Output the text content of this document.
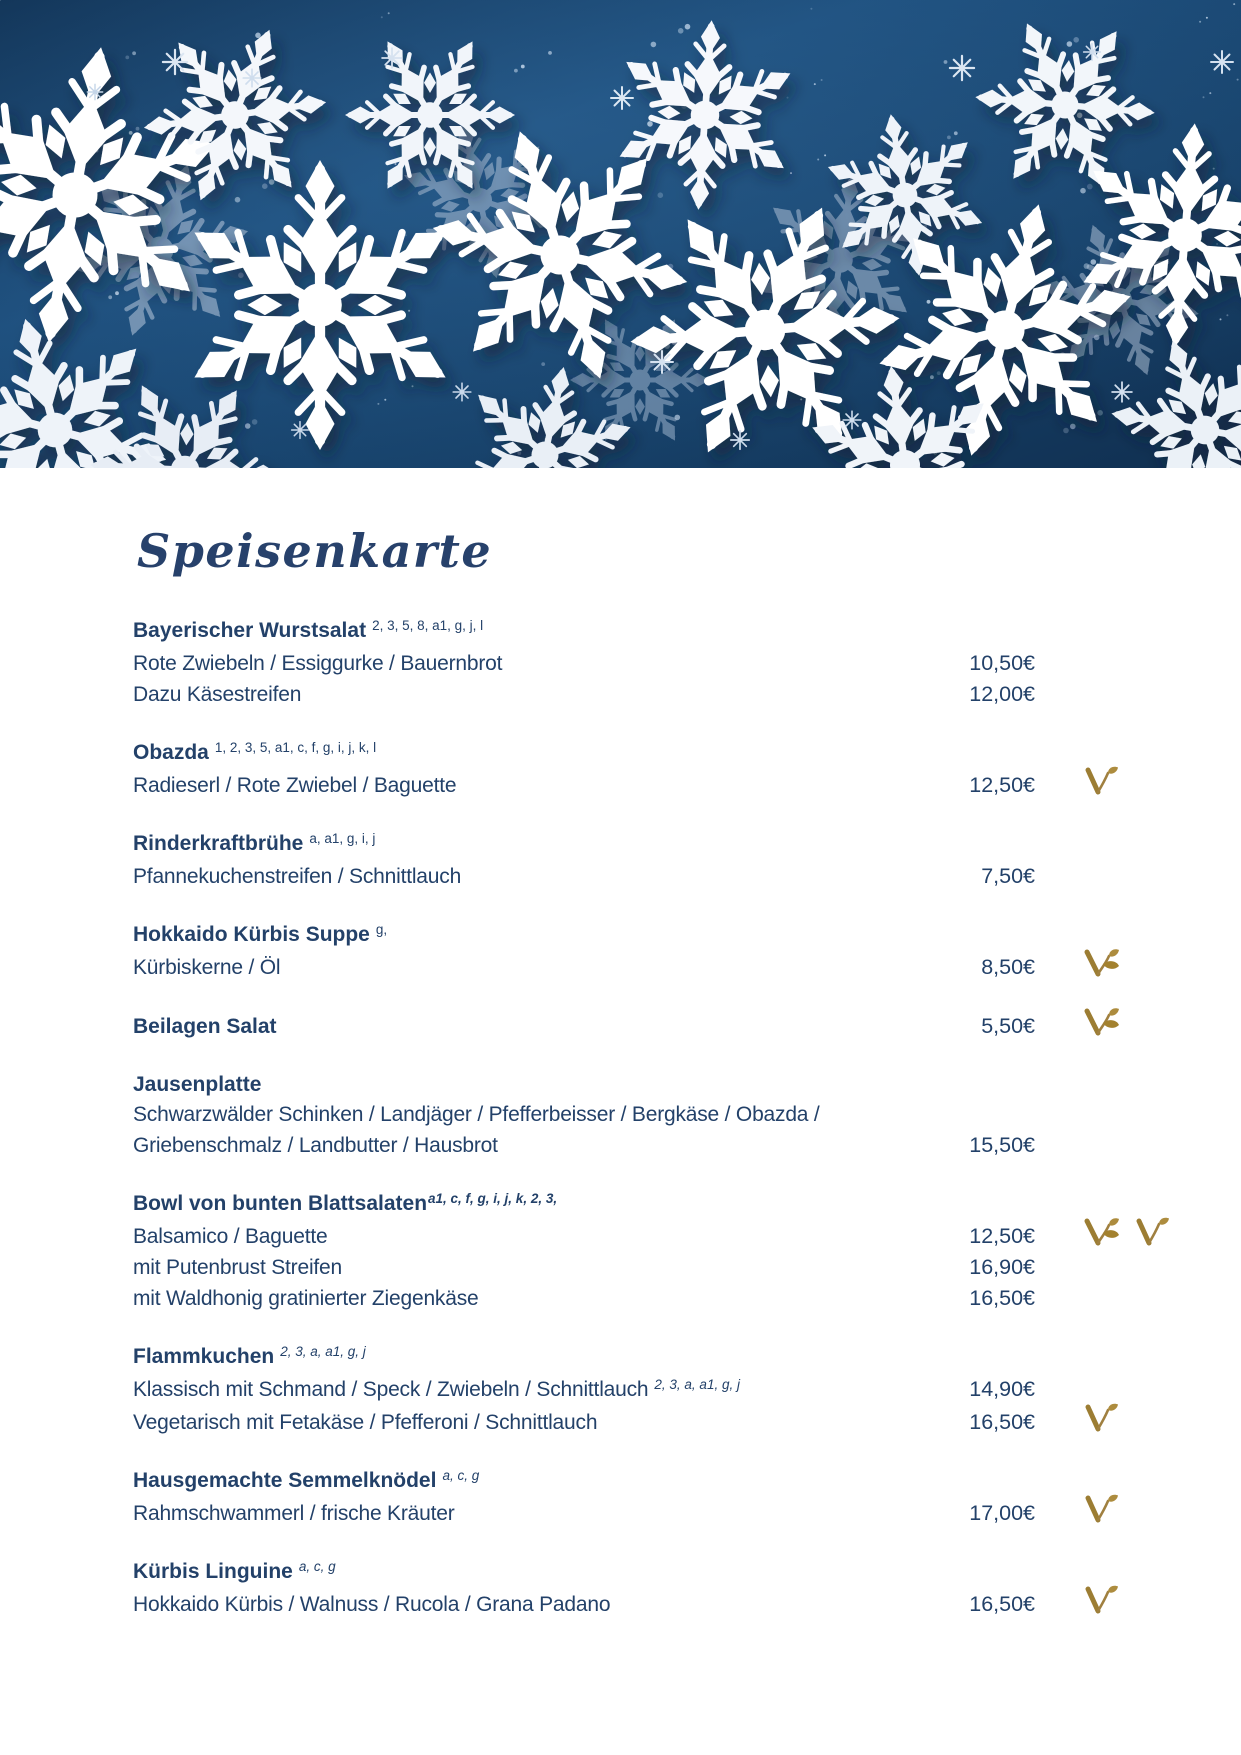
Speisenkarte
Bayerischer Wurstsalat $^{2, 3, 5, 8, a1, g, j, l}$
Rote Zwiebeln / Essiggurke / Bauernbrot	10,50€
Dazu Käsestreifen	12,00€
Obazda $^{1, 2, 3, 5, a1, c, f, g, i, j, k, l}$
Radieserl / Rote Zwiebel / Baguette	12,50€
Rinderkraftbrühe $^{a, a1, g, i, j}$
Pfannekuchenstreifen / Schnittlauch	7,50€
Hokkaido Kürbis Suppe $^{g,}$
Kürbiskerne / Öl	8,50€
Beilagen Salat	5,50€
Jausenplatte
Schwarzwälder Schinken / Landjäger / Pfefferbeisser / Bergkäse / Obazda /
Griebenschmalz / Landbutter / Hausbrot	15,50€
Bowl von bunten Blattsalaten$^{a1, c, f, g, i, j, k, 2, 3,}$
Balsamico / Baguette	12,50€
mit Putenbrust Streifen	16,90€
mit Waldhonig gratinierter Ziegenkäse	16,50€
Flammkuchen $^{2, 3, a, a1, g, j}$
Klassisch mit Schmand / Speck / Zwiebeln / Schnittlauch $^{2, 3, a, a1, g, j}$	14,90€
Vegetarisch mit Fetakäse / Pfefferoni / Schnittlauch	16,50€
Hausgemachte Semmelknödel $^{a, c, g}$
Rahmschwammerl / frische Kräuter	17,00€
Kürbis Linguine $^{a, c, g}$
Hokkaido Kürbis / Walnuss / Rucola / Grana Padano	16,50€
